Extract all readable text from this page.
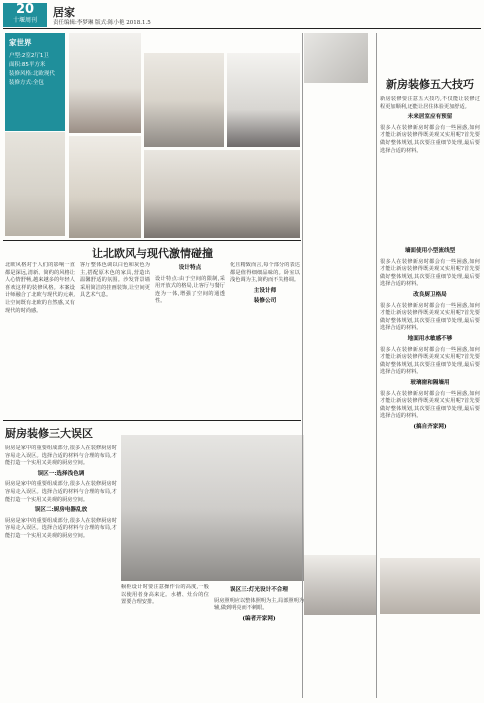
20
十堰周刊
居家
责任编辑:李梦琳 版式:陈小艳 2018.1.5
家世界
户型:2室2厅1卫
面积:85平方米
装修风格:北欧现代
装修方式:全包
让北欧风与现代激情碰撞
北欧风格对于人们的影响一直都是深远,清新、简约的风格让人心情舒畅,越来越多的年轻人喜欢这样的装修风格。本案设计师融合了北欧与现代的元素,让空间既有北欧的自然感,又有现代的时尚感。
客厅整体色调以白色和灰色为主,搭配原木色的家具,营造出温馨舒适的氛围。沙发背景墙采用简洁的挂画装饰,让空间更具艺术气息。
设计特点
设计特点:由于空间的限制,采用开放式的格局,让客厅与餐厅连为一体,增强了空间的通透性。
化且精致而言,每个部分的表达都是值得细细品味的。卧室以浅色调为主,简约而不失格调。
主设计师
装修公司
厨房装修三大误区
厨房是家中的重要组成部分,很多人在装修厨房时容易走入误区。选择合适的材料与合理的布局,才能打造一个实用又美观的厨房空间。
误区一:选择浅色调
厨房是家中的重要组成部分,很多人在装修厨房时容易走入误区。选择合适的材料与合理的布局,才能打造一个实用又美观的厨房空间。
误区二:厨房电器乱放
厨房是家中的重要组成部分,很多人在装修厨房时容易走入误区。选择合适的材料与合理的布局,才能打造一个实用又美观的厨房空间。
橱柜设计时要注意操作台的高度,一般以使用者身高来定。水槽、灶台的位置要合理安排。
误区三:灯光设计不合理
厨房照明应以整体照明为主,局部照明为辅,做到明亮而不刺眼。
(编者开家网)
新房装修五大技巧
新房装修要注意五大技巧,不仅能让装修过程更加顺利,还能让居住体验更加舒适。
未来居室应有预留
很多人在装修新房时都会有一些困惑,如何才能让新房装修得既美观又实用呢?首先要做好整体规划,其次要注重细节处理,最后要选择合适的材料。
墙面使用小型流线型
很多人在装修新房时都会有一些困惑,如何才能让新房装修得既美观又实用呢?首先要做好整体规划,其次要注重细节处理,最后要选择合适的材料。
改良厨卫格局
很多人在装修新房时都会有一些困惑,如何才能让新房装修得既美观又实用呢?首先要做好整体规划,其次要注重细节处理,最后要选择合适的材料。
地面用水敏感不够
很多人在装修新房时都会有一些困惑,如何才能让新房装修得既美观又实用呢?首先要做好整体规划,其次要注重细节处理,最后要选择合适的材料。
玻璃窗和隔墙用
很多人在装修新房时都会有一些困惑,如何才能让新房装修得既美观又实用呢?首先要做好整体规划,其次要注重细节处理,最后要选择合适的材料。
(搞自齐家网)
